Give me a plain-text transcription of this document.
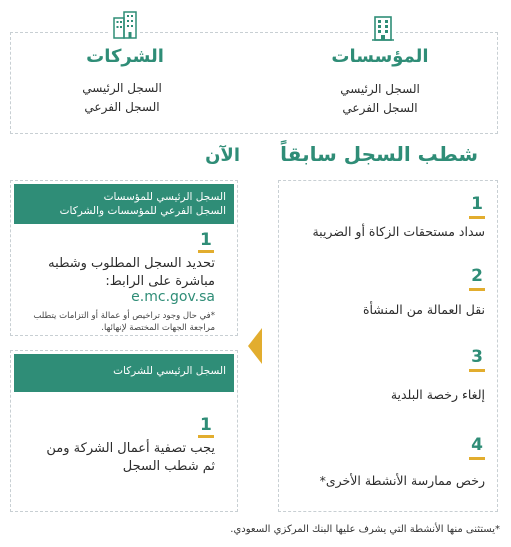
المؤسسات
السجل الرئيسي
السجل الفرعي
الشركات
السجل الرئيسي
السجل الفرعي
شطب السجل سابقاً
الآن
1
سداد مستحقات الزكاة أو الضريبة
2
نقل العمالة من المنشأة
3
إلغاء رخصة البلدية
4
رخص ممارسة الأنشطة الأخرى*
السجل الرئيسي للمؤسسات
السجل الفرعي للمؤسسات والشركات
1
تحديد السجل المطلوب وشطبه
مباشرة على الرابط:
e.mc.gov.sa
*في حال وجود تراخيص أو عمالة أو التزامات يتطلب
مراجعة الجهات المختصة لإنهائها.
السجل الرئيسي للشركات
1
يجب تصفية أعمال الشركة ومن
ثم شطب السجل
*يستثنى منها الأنشطة التي يشرف عليها البنك المركزي السعودي.
